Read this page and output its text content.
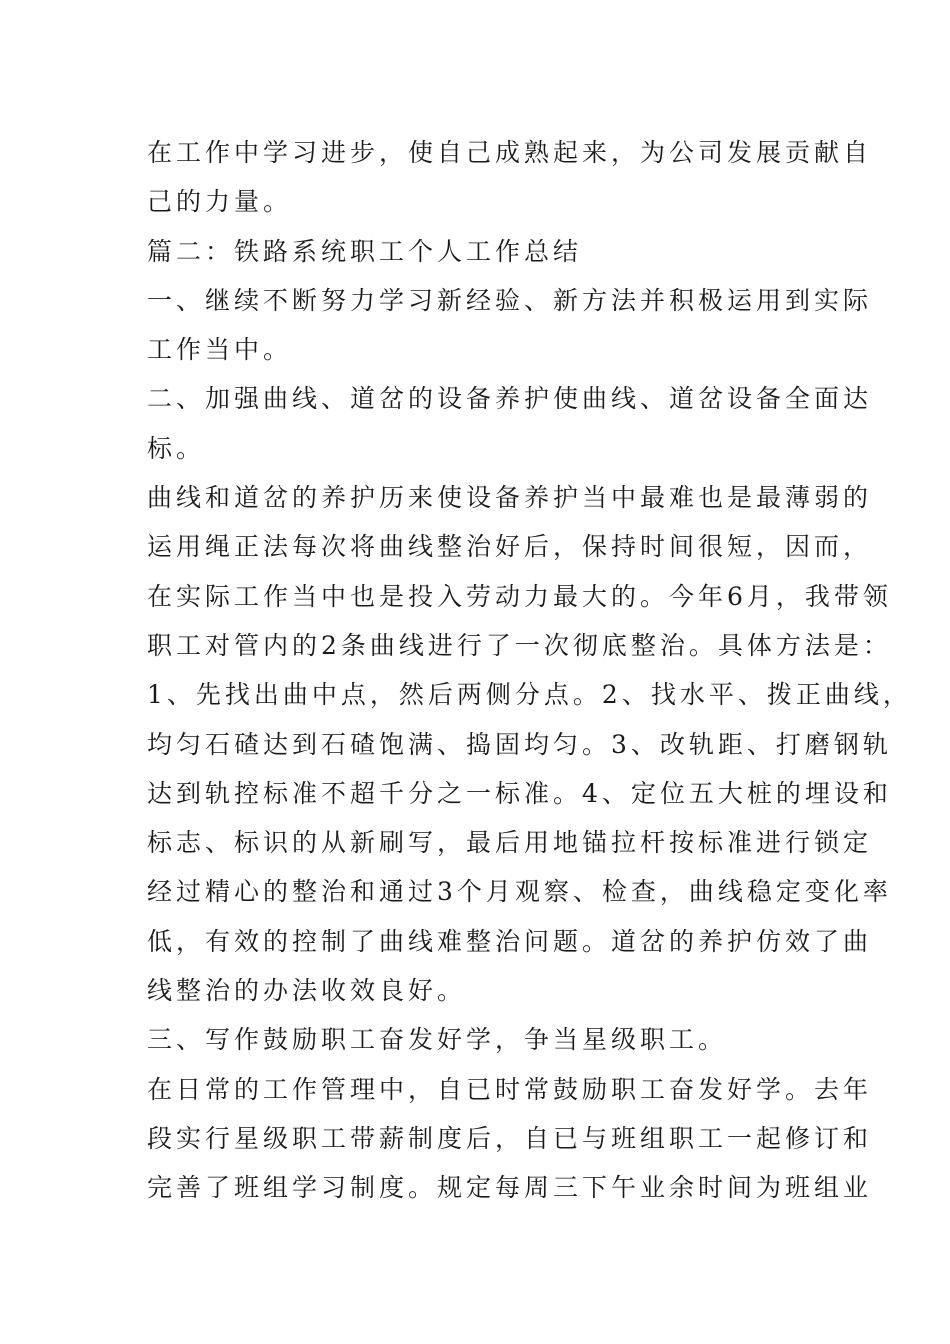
在工作中学习进步，使自己成熟起来，为公司发展贡献自

己的力量。

篇二：铁路系统职工个人工作总结

一、继续不断努力学习新经验、新方法并积极运用到实际

工作当中。

二、加强曲线、道岔的设备养护使曲线、道岔设备全面达

标。

曲线和道岔的养护历来使设备养护当中最难也是最薄弱的

运用绳正法每次将曲线整治好后，保持时间很短，因而，

在实际工作当中也是投入劳动力最大的。今年6月，我带领

职工对管内的2条曲线进行了一次彻底整治。具体方法是：

1、先找出曲中点，然后两侧分点。2、找水平、拨正曲线，

均匀石碴达到石碴饱满、捣固均匀。3、改轨距、打磨钢轨

达到轨控标准不超千分之一标准。4、定位五大桩的埋设和

标志、标识的从新刷写，最后用地锚拉杆按标准进行锁定

经过精心的整治和通过3个月观察、检查，曲线稳定变化率

低，有效的控制了曲线难整治问题。道岔的养护仿效了曲

线整治的办法收效良好。

三、写作鼓励职工奋发好学，争当星级职工。

在日常的工作管理中，自已时常鼓励职工奋发好学。去年

段实行星级职工带薪制度后，自已与班组职工一起修订和

完善了班组学习制度。规定每周三下午业余时间为班组业
